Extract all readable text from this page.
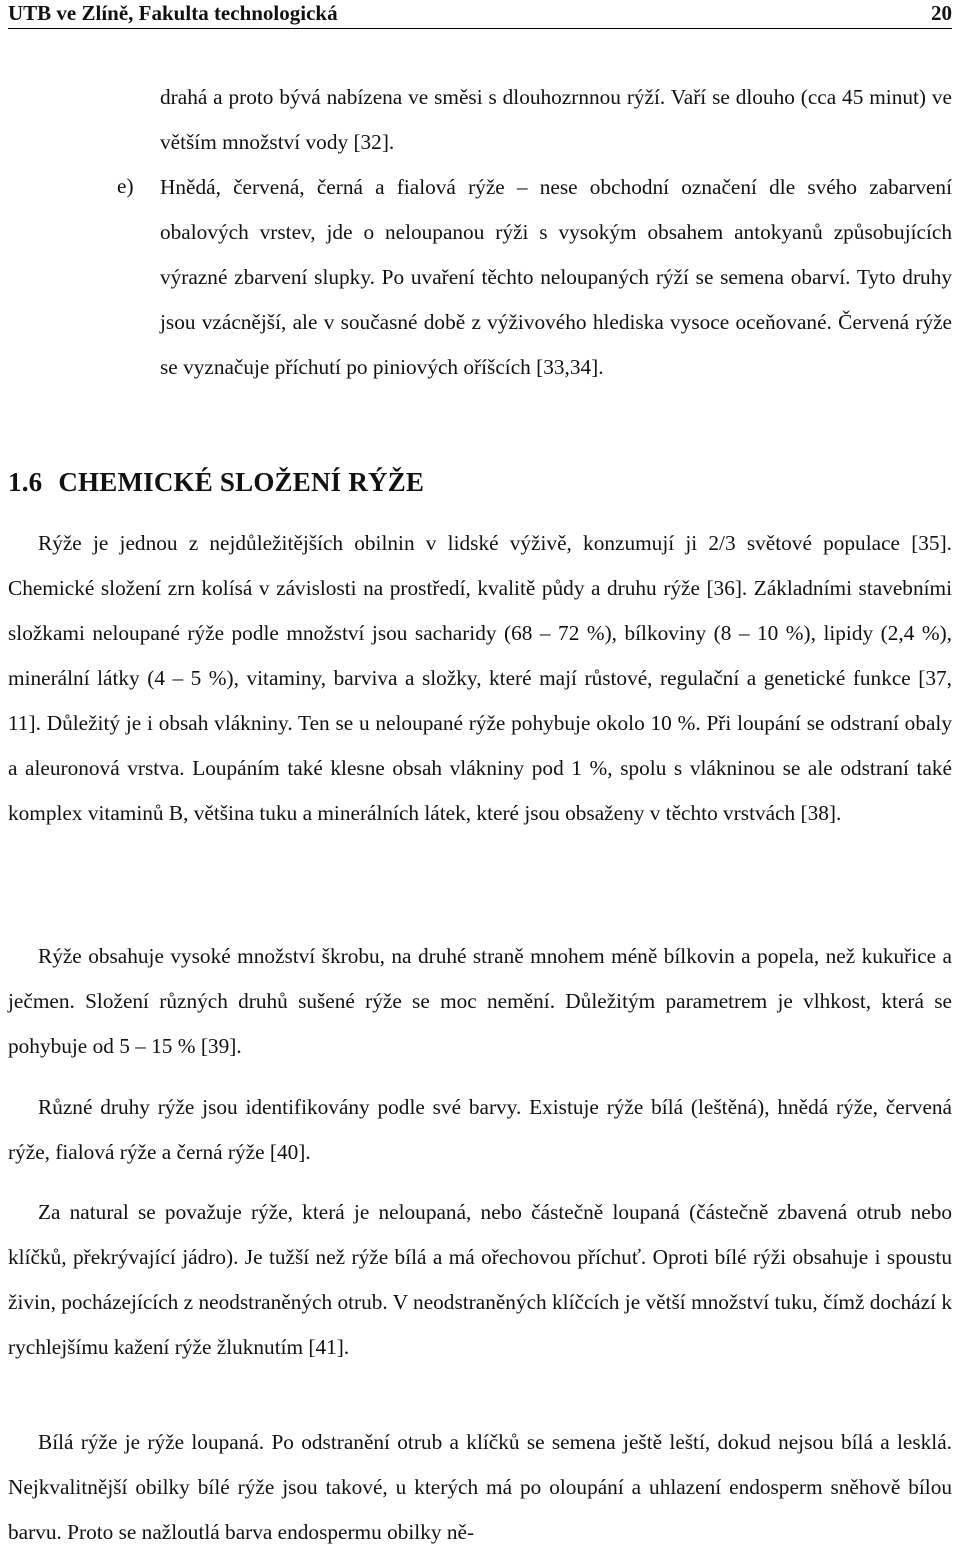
UTB ve Zlíně, Fakulta technologická	20
drahá a proto bývá nabízena ve směsi s dlouhozrnnou rýží. Vaří se dlouho (cca 45 minut) ve větším množství vody [32].
Hnědá, červená, černá a fialová rýže – nese obchodní označení dle svého zabarvení obalových vrstev, jde o neloupanou rýži s vysokým obsahem antokyanů způsobujících výrazné zbarvení slupky. Po uvaření těchto neloupaných rýží se semena obarví. Tyto druhy jsou vzácnější, ale v současné době z výživového hlediska vysoce oceňované. Červená rýže se vyznačuje příchutí po piniových oříšcích [33,34].
e)
1.6 CHEMICKÉ SLOŽENÍ RÝŽE

Rýže je jednou z nejdůležitějších obilnin v lidské výživě, konzumují ji 2/3 světové populace [35]. Chemické složení zrn kolísá v závislosti na prostředí, kvalitě půdy a druhu rýže [36]. Základními stavebními složkami neloupané rýže podle množství jsou sacharidy (68 – 72 %), bílkoviny (8 – 10 %), lipidy (2,4 %), minerální látky (4 – 5 %), vitaminy, barviva a složky, které mají růstové, regulační a genetické funkce [37, 11]. Důležitý je i obsah vlákniny. Ten se u neloupané rýže pohybuje okolo 10 %. Při loupání se odstraní obaly a aleuronová vrstva. Loupáním také klesne obsah vlákniny pod 1 %, spolu s vlákninou se ale odstraní také komplex vitaminů B, většina tuku a minerálních látek, které jsou obsaženy v těchto vrstvách [38].

Rýže obsahuje vysoké množství škrobu, na druhé straně mnohem méně bílkovin a popela, než kukuřice a ječmen. Složení různých druhů sušené rýže se moc nemění. Důležitým parametrem je vlhkost, která se pohybuje od 5 – 15 % [39].

Různé druhy rýže jsou identifikovány podle své barvy. Existuje rýže bílá (leštěná), hnědá rýže, červená rýže, fialová rýže a černá rýže [40].

Za natural se považuje rýže, která je neloupaná, nebo částečně loupaná (částečně zbavená otrub nebo klíčků, překrývající jádro). Je tužší než rýže bílá a má ořechovou příchuť. Oproti bílé rýži obsahuje i spoustu živin, pocházejících z neodstraněných otrub. V neodstraněných klíčcích je větší množství tuku, čímž dochází k rychlejšímu kažení rýže žluknutím [41].

Bílá rýže je rýže loupaná. Po odstranění otrub a klíčků se semena ještě leští, dokud nejsou bílá a lesklá. Nejkvalitnější obilky bílé rýže jsou takové, u kterých má po oloupání a uhlazení endosperm sněhově bílou barvu. Proto se nažloutlá barva endospermu obilky ně-
